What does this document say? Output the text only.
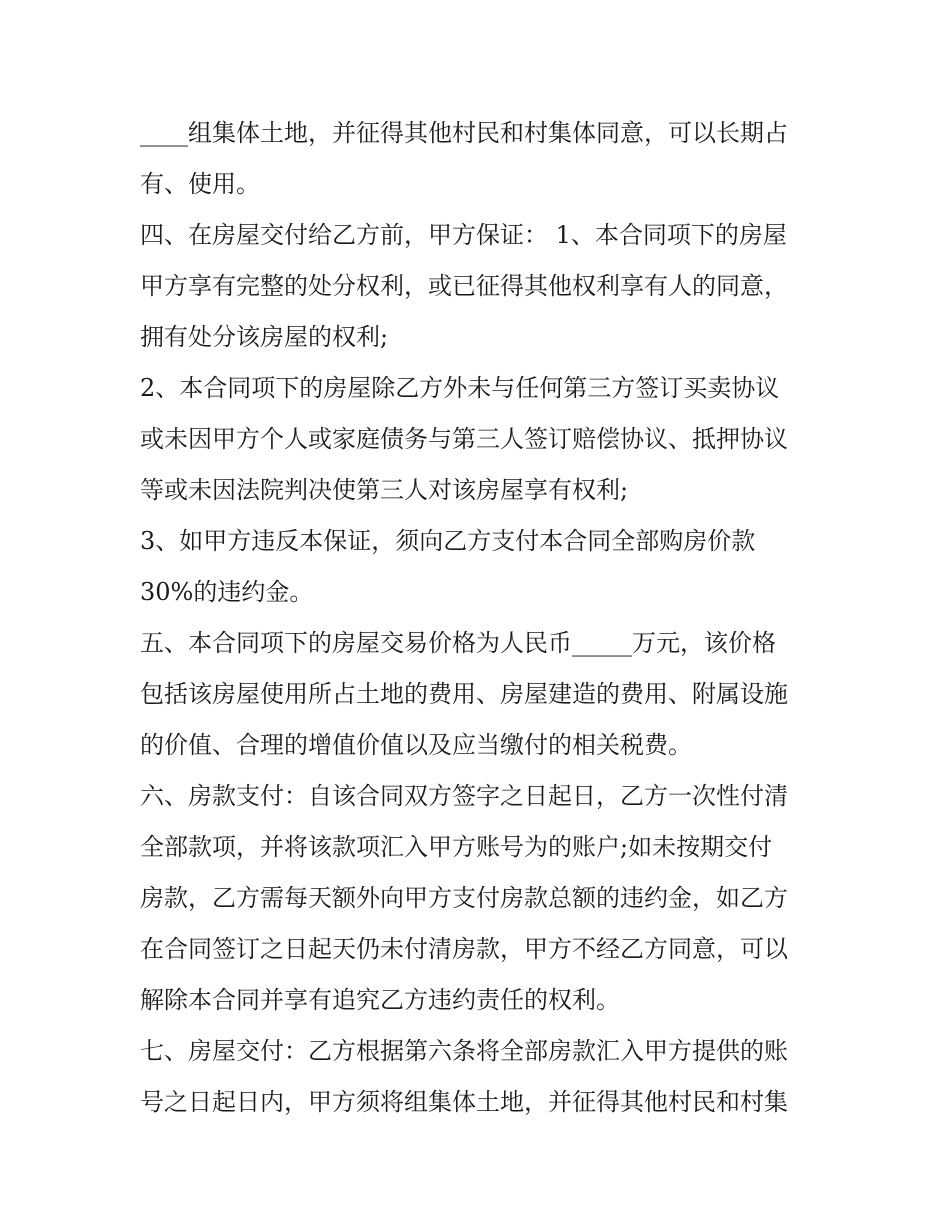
____组集体土地，并征得其他村民和村集体同意，可以长期占
有、使用。
四、在房屋交付给乙方前，甲方保证： 1、本合同项下的房屋
甲方享有完整的处分权利，或已征得其他权利享有人的同意，
拥有处分该房屋的权利;
2、本合同项下的房屋除乙方外未与任何第三方签订买卖协议
或未因甲方个人或家庭债务与第三人签订赔偿协议、抵押协议
等或未因法院判决使第三人对该房屋享有权利;
3、如甲方违反本保证，须向乙方支付本合同全部购房价款
30%的违约金。
五、本合同项下的房屋交易价格为人民币_____万元，该价格
包括该房屋使用所占土地的费用、房屋建造的费用、附属设施
的价值、合理的增值价值以及应当缴付的相关税费。
六、房款支付：自该合同双方签字之日起日，乙方一次性付清
全部款项，并将该款项汇入甲方账号为的账户;如未按期交付
房款，乙方需每天额外向甲方支付房款总额的违约金，如乙方
在合同签订之日起天仍未付清房款，甲方不经乙方同意，可以
解除本合同并享有追究乙方违约责任的权利。
七、房屋交付：乙方根据第六条将全部房款汇入甲方提供的账
号之日起日内，甲方须将组集体土地，并征得其他村民和村集
